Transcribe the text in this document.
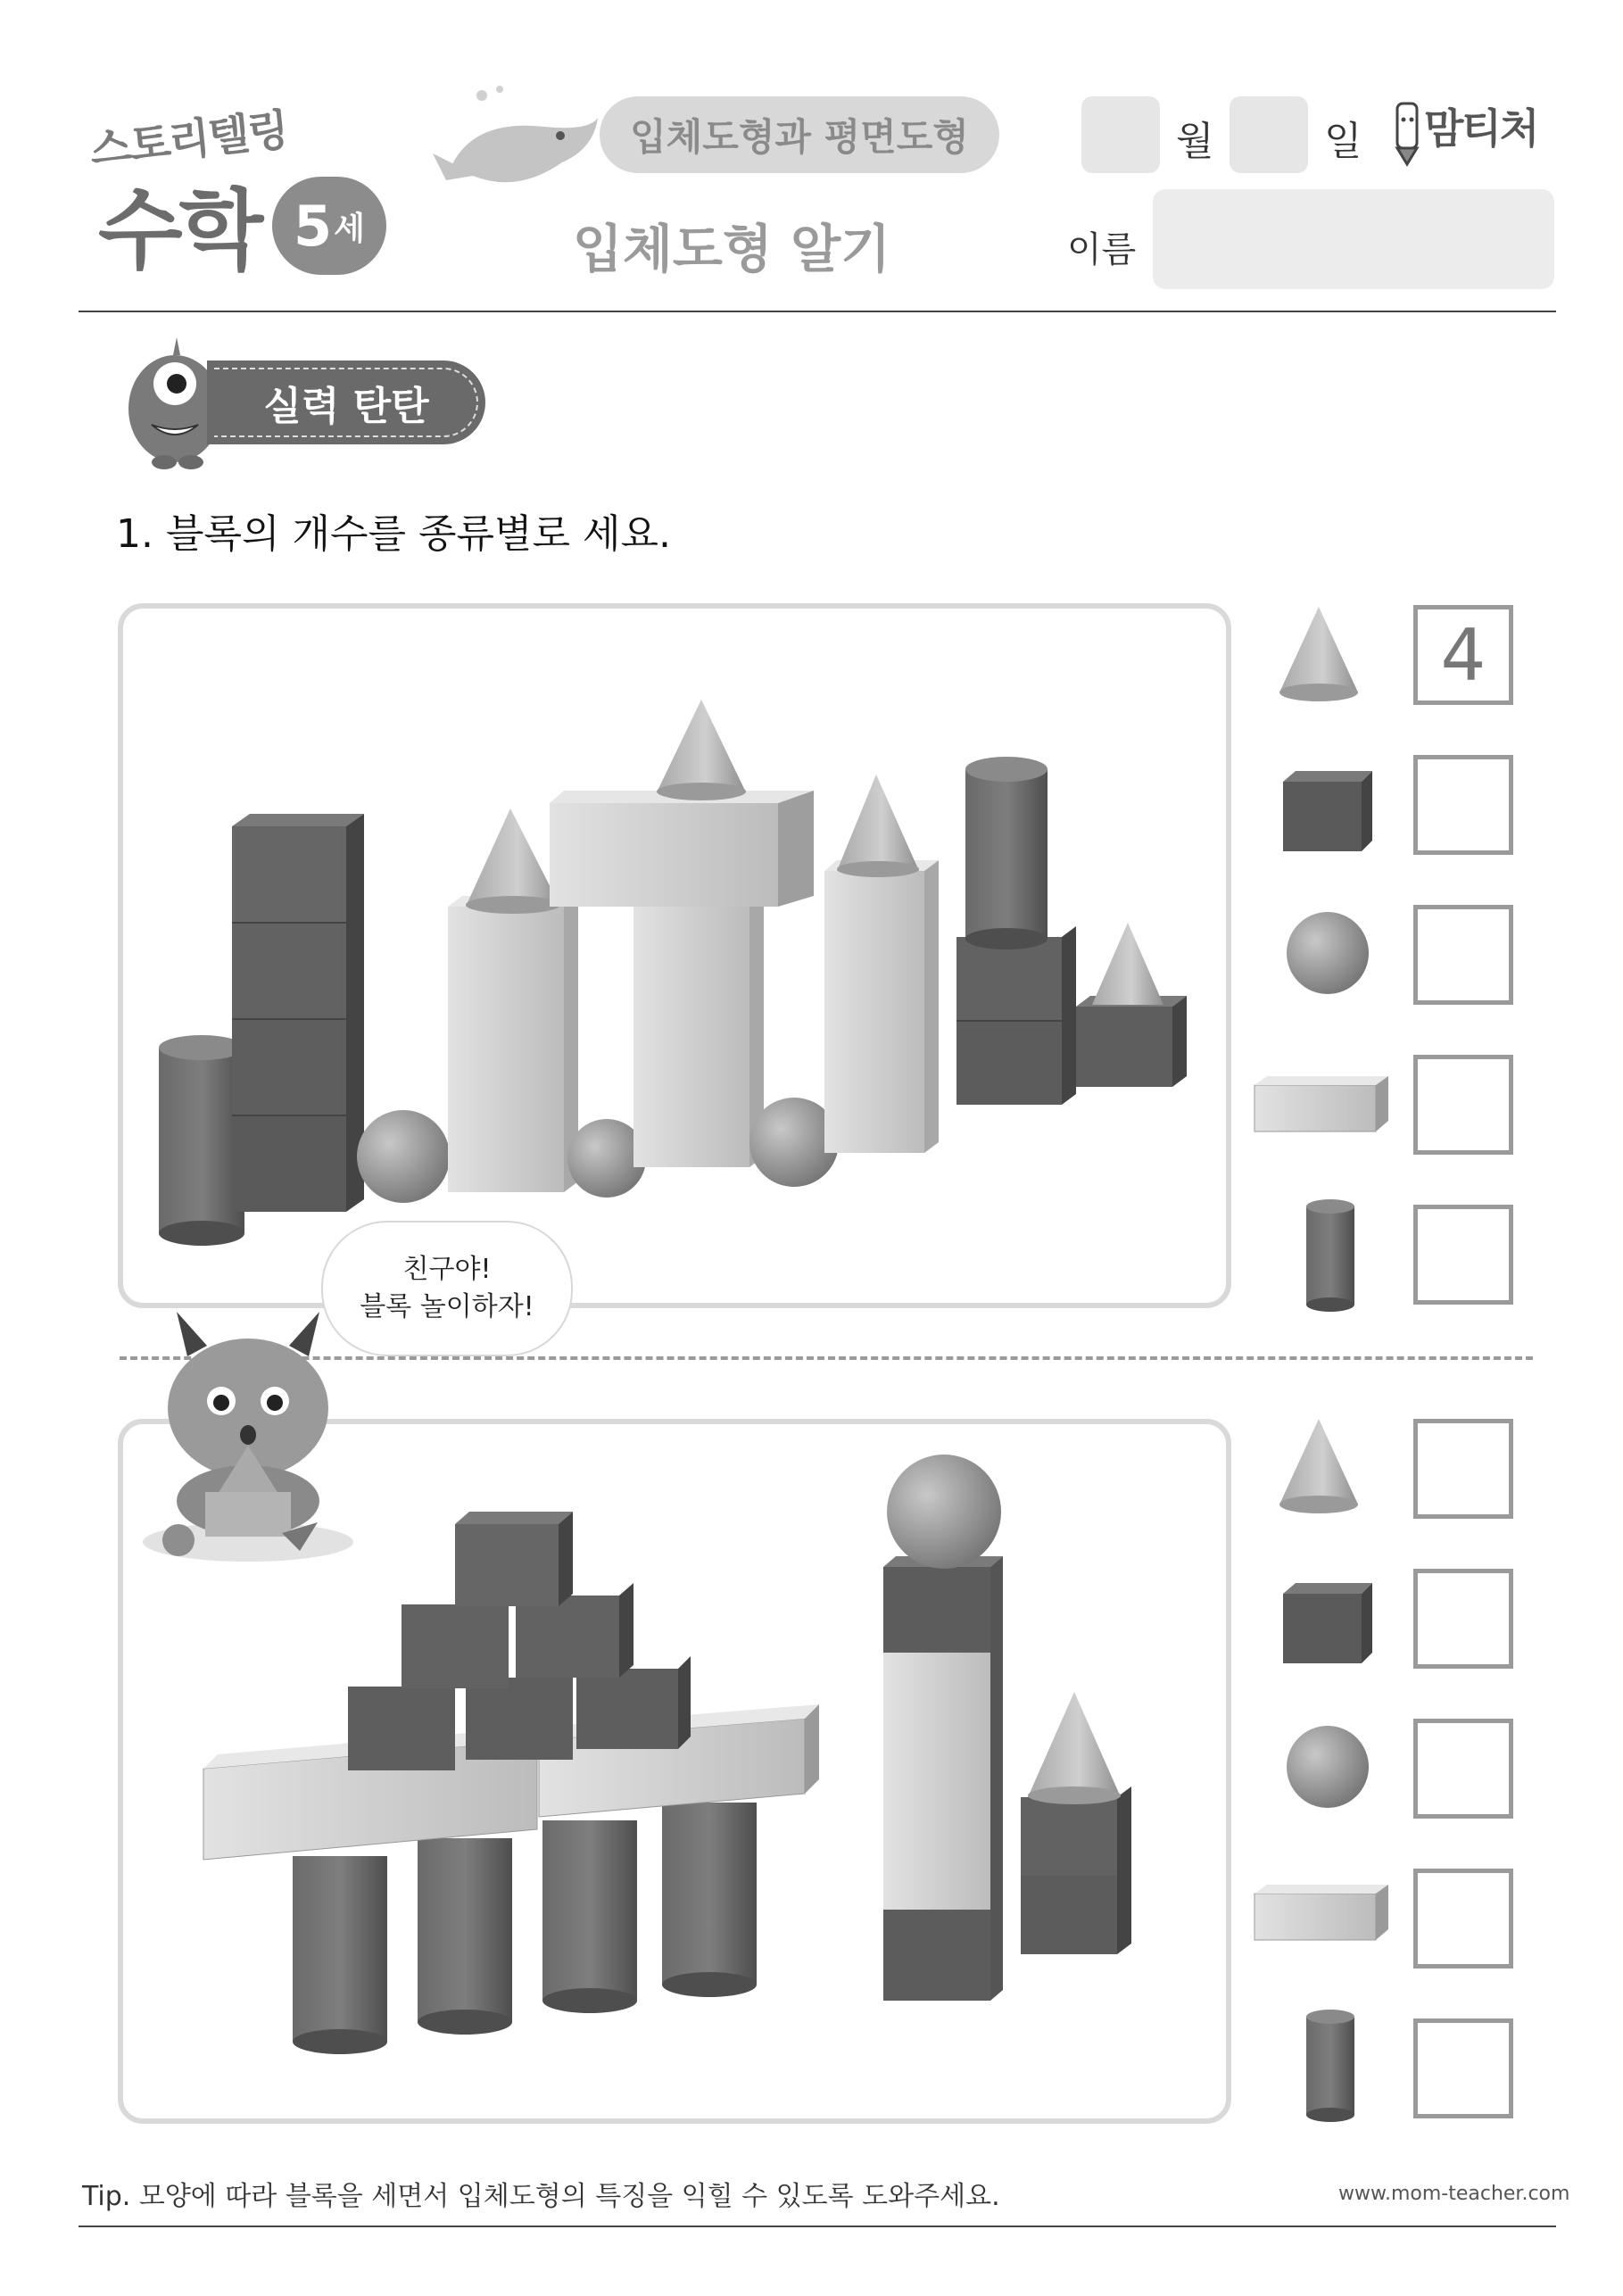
스토리텔링
수학 5 세
입체도형과 평면도형
입체도형 알기
월	일 맘티처
이름
실력 탄탄
1. 블록의 개수를 종류별로 세요.
4
친구야!
블록 놀이하자!
Tip. 모양에 따라 블록을 세면서 입체도형의 특징을 익힐 수 있도록 도와주세요.	www.mom-teacher.com
